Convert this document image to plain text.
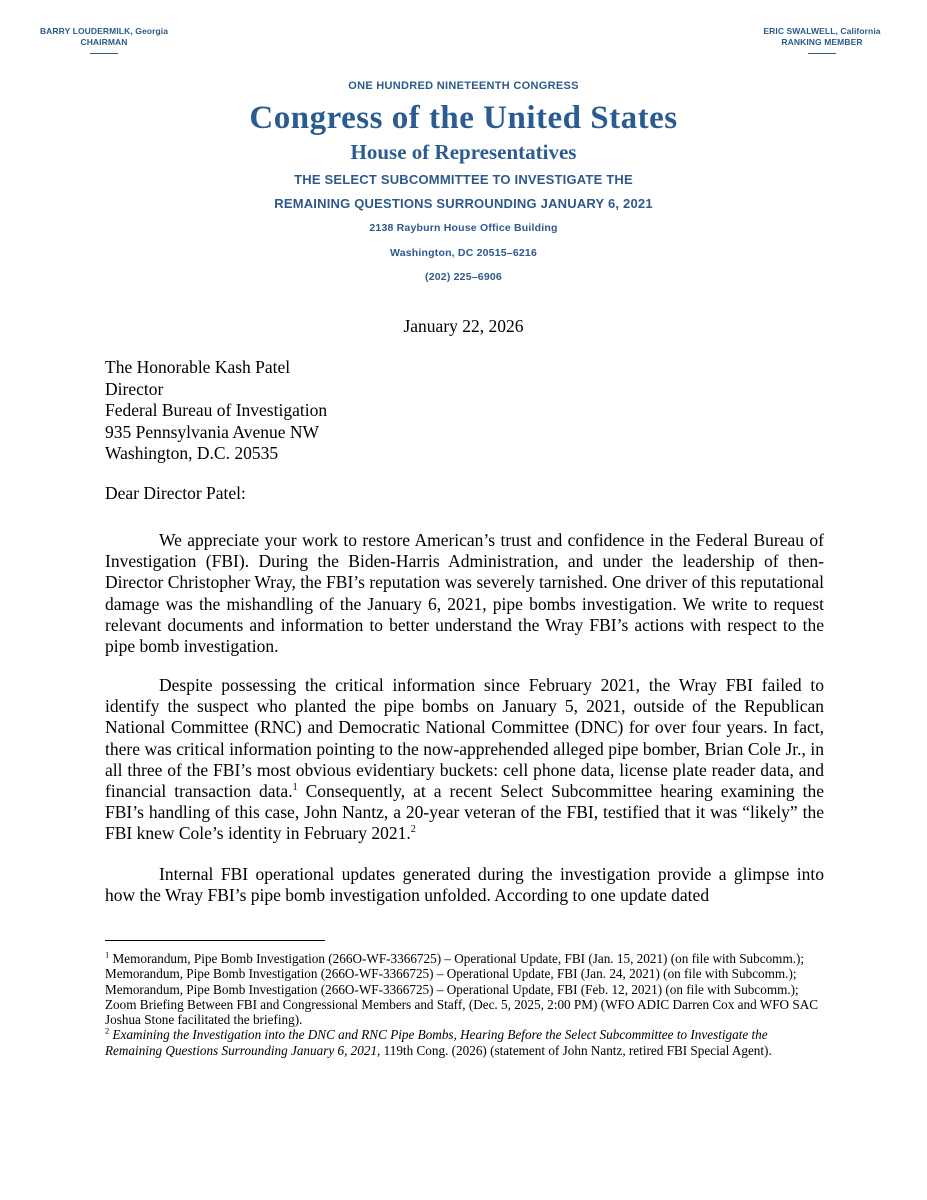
BARRY LOUDERMILK, Georgia
CHAIRMAN
ERIC SWALWELL, California
RANKING MEMBER
ONE HUNDRED NINETEENTH CONGRESS
Congress of the United States
House of Representatives
THE SELECT SUBCOMMITTEE TO INVESTIGATE THE
REMAINING QUESTIONS SURROUNDING JANUARY 6, 2021
2138 Rayburn House Office Building
Washington, DC 20515–6216
(202) 225–6906
January 22, 2026
The Honorable Kash Patel
Director
Federal Bureau of Investigation
935 Pennsylvania Avenue NW
Washington, D.C. 20535
Dear Director Patel:
We appreciate your work to restore American’s trust and confidence in the Federal Bureau of Investigation (FBI). During the Biden-Harris Administration, and under the leadership of then-Director Christopher Wray, the FBI’s reputation was severely tarnished. One driver of this reputational damage was the mishandling of the January 6, 2021, pipe bombs investigation. We write to request relevant documents and information to better understand the Wray FBI’s actions with respect to the pipe bomb investigation.
Despite possessing the critical information since February 2021, the Wray FBI failed to identify the suspect who planted the pipe bombs on January 5, 2021, outside of the Republican National Committee (RNC) and Democratic National Committee (DNC) for over four years. In fact, there was critical information pointing to the now-apprehended alleged pipe bomber, Brian Cole Jr., in all three of the FBI’s most obvious evidentiary buckets: cell phone data, license plate reader data, and financial transaction data.$^1$ Consequently, at a recent Select Subcommittee hearing examining the FBI’s handling of this case, John Nantz, a 20-year veteran of the FBI, testified that it was “likely” the FBI knew Cole’s identity in February 2021.$^2$
Internal FBI operational updates generated during the investigation provide a glimpse into how the Wray FBI’s pipe bomb investigation unfolded. According to one update dated
$^1$ Memorandum, Pipe Bomb Investigation (266O-WF-3366725) – Operational Update, FBI (Jan. 15, 2021) (on file with Subcomm.); Memorandum, Pipe Bomb Investigation (266O-WF-3366725) – Operational Update, FBI (Jan. 24, 2021) (on file with Subcomm.); Memorandum, Pipe Bomb Investigation (266O-WF-3366725) – Operational Update, FBI (Feb. 12, 2021) (on file with Subcomm.); Zoom Briefing Between FBI and Congressional Members and Staff, (Dec. 5, 2025, 2:00 PM) (WFO ADIC Darren Cox and WFO SAC Joshua Stone facilitated the briefing).
$^2$ Examining the Investigation into the DNC and RNC Pipe Bombs, Hearing Before the Select Subcommittee to Investigate the Remaining Questions Surrounding January 6, 2021, 119th Cong. (2026) (statement of John Nantz, retired FBI Special Agent).
